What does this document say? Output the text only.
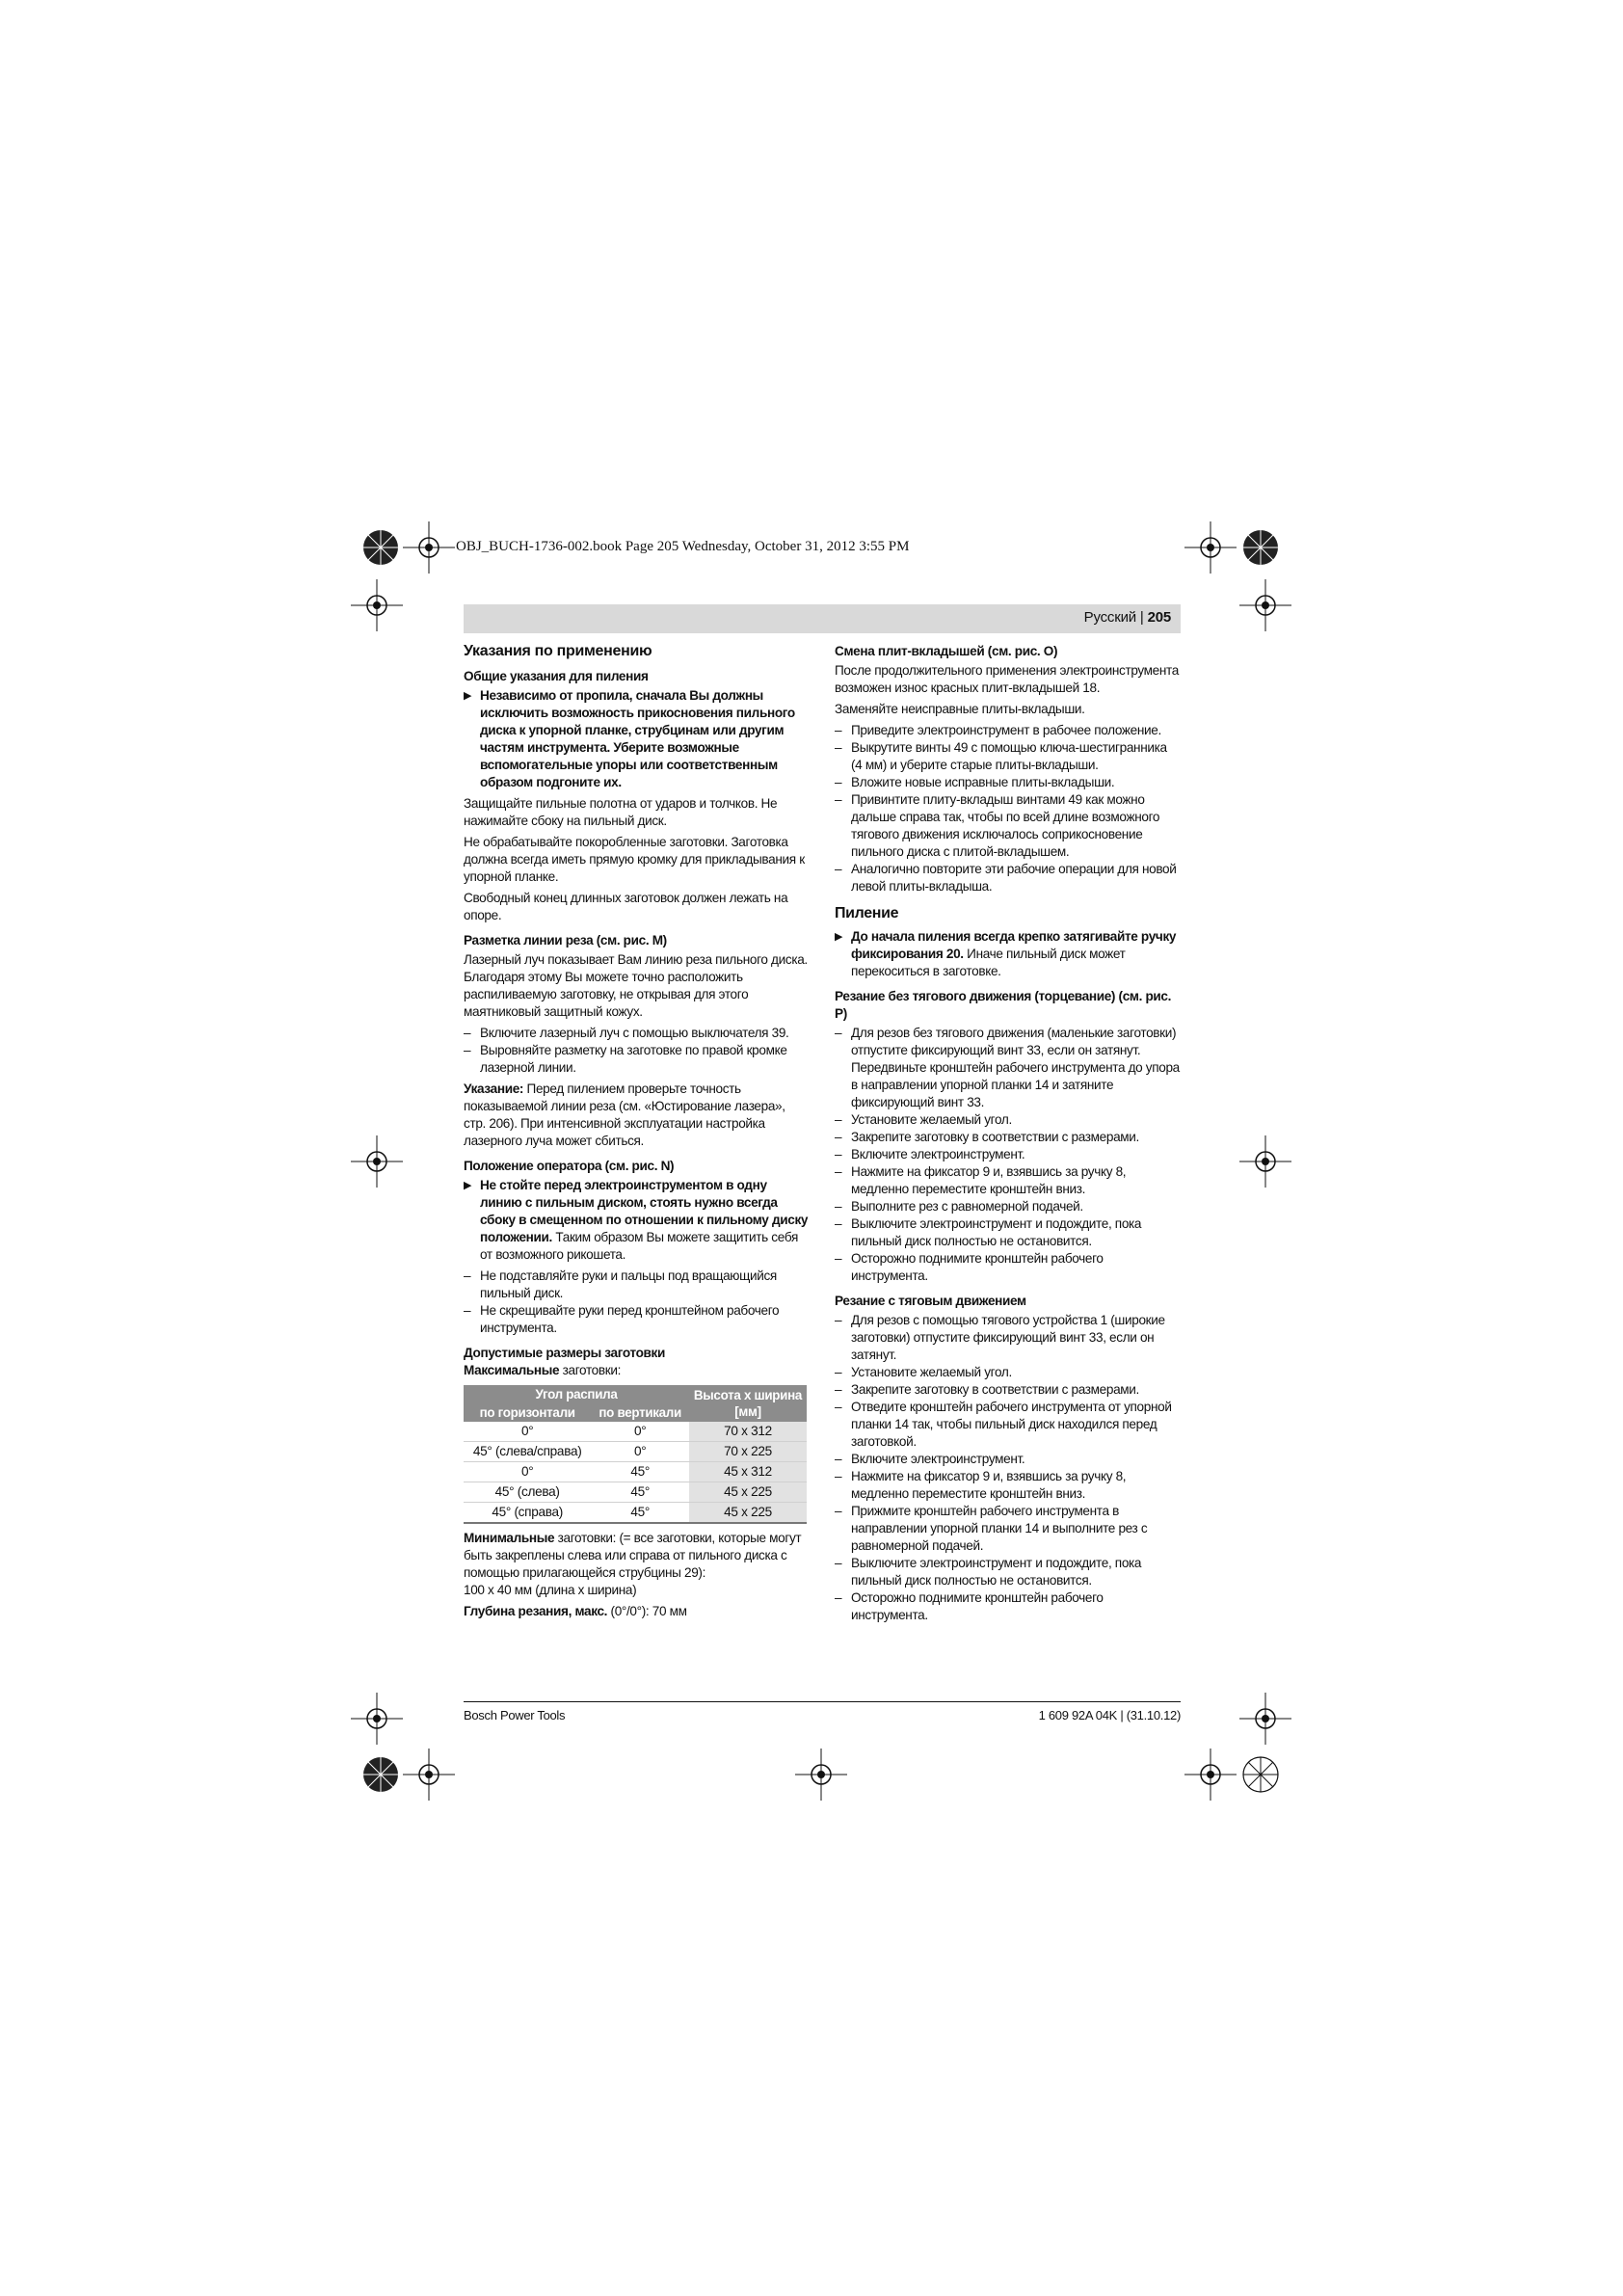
OBJ_BUCH-1736-002.book Page 205 Wednesday, October 31, 2012 3:55 PM
Русский | 205
Указания по применению
Общие указания для пиления
▶ Независимо от пропила, сначала Вы должны исключить возможность прикосновения пильного диска к упорной планке, струбцинам или другим частям инструмента. Уберите возможные вспомогательные упоры или соответственным образом подгоните их.

Защищайте пильные полотна от ударов и толчков. Не нажимайте сбоку на пильный диск.

Не обрабатывайте покоробленные заготовки. Заготовка должна всегда иметь прямую кромку для прикладывания к упорной планке.

Свободный конец длинных заготовок должен лежать на опоре.

Разметка линии реза (см. рис. M)

Лазерный луч показывает Вам линию реза пильного диска. Благодаря этому Вы можете точно расположить распиливаемую заготовку, не открывая для этого маятниковый защитный кожух.

– Включите лазерный луч с помощью выключателя 39.
– Выровняйте разметку на заготовке по правой кромке лазерной линии.

Указание: Перед пилением проверьте точность показываемой линии реза (см. «Юстирование лазера», стр. 206). При интенсивной эксплуатации настройка лазерного луча может сбиться.

Положение оператора (см. рис. N)
▶ Не стойте перед электроинструментом в одну линию с пильным диском, стоять нужно всегда сбоку в смещенном по отношении к пильному диску положении. Таким образом Вы можете защитить себя от возможного рикошета.
– Не подставляйте руки и пальцы под вращающийся пильный диск.
– Не скрещивайте руки перед кронштейном рабочего инструмента.
Допустимые размеры заготовки

Максимальные заготовки:

Угол распила		Высота x ширина [мм]
по горизонтали	по вертикали	
0°	0°	70 x 312
45° (слева/справа)	0°	70 x 225
0°	45°	45 x 312
45° (слева)	45°	45 x 225
45° (справа)	45°	45 x 225

Минимальные заготовки: (= все заготовки, которые могут быть закреплены слева или справа от пильного диска с помощью прилагающейся струбцины 29):

100 x 40 мм (длина x ширина)

Глубина резания, макс. (0°/0°): 70 мм

Смена плит-вкладышей (см. рис. O)

После продолжительного применения электроинструмента возможен износ красных плит-вкладышей 18.

Заменяйте неисправные плиты-вкладыши.

– Приведите электроинструмент в рабочее положение.
– Выкрутите винты 49 с помощью ключа-шестигранника (4 мм) и уберите старые плиты-вкладыши.
– Вложите новые исправные плиты-вкладыши.
– Привинтите плиту-вкладыш винтами 49 как можно дальше справа так, чтобы по всей длине возможного тягового движения исключалось соприкосновение пильного диска с плитой-вкладышем.
– Аналогично повторите эти рабочие операции для новой левой плиты-вкладыша.
Пиление
▶ До начала пиления всегда крепко затягивайте ручку фиксирования 20. Иначе пильный диск может перекоситься в заготовке.
Резание без тягового движения (торцевание) (см. рис. P)
– Для резов без тягового движения (маленькие заготовки) отпустите фиксирующий винт 33, если он затянут. Передвиньте кронштейн рабочего инструмента до упора в направлении упорной планки 14 и затяните фиксирующий винт 33.
– Установите желаемый угол.
– Закрепите заготовку в соответствии с размерами.
– Включите электроинструмент.
– Нажмите на фиксатор 9 и, взявшись за ручку 8, медленно переместите кронштейн вниз.
– Выполните рез с равномерной подачей.
– Выключите электроинструмент и подождите, пока пильный диск полностью не остановится.
– Осторожно поднимите кронштейн рабочего инструмента.
Резание с тяговым движением
– Для резов с помощью тягового устройства 1 (широкие заготовки) отпустите фиксирующий винт 33, если он затянут.
– Установите желаемый угол.
– Закрепите заготовку в соответствии с размерами.
– Отведите кронштейн рабочего инструмента от упорной планки 14 так, чтобы пильный диск находился перед заготовкой.
– Включите электроинструмент.
– Нажмите на фиксатор 9 и, взявшись за ручку 8, медленно переместите кронштейн вниз.
– Прижмите кронштейн рабочего инструмента в направлении упорной планки 14 и выполните рез с равномерной подачей.
– Выключите электроинструмент и подождите, пока пильный диск полностью не остановится.
– Осторожно поднимите кронштейн рабочего инструмента.
Bosch Power Tools	1 609 92A 04K | (31.10.12)
